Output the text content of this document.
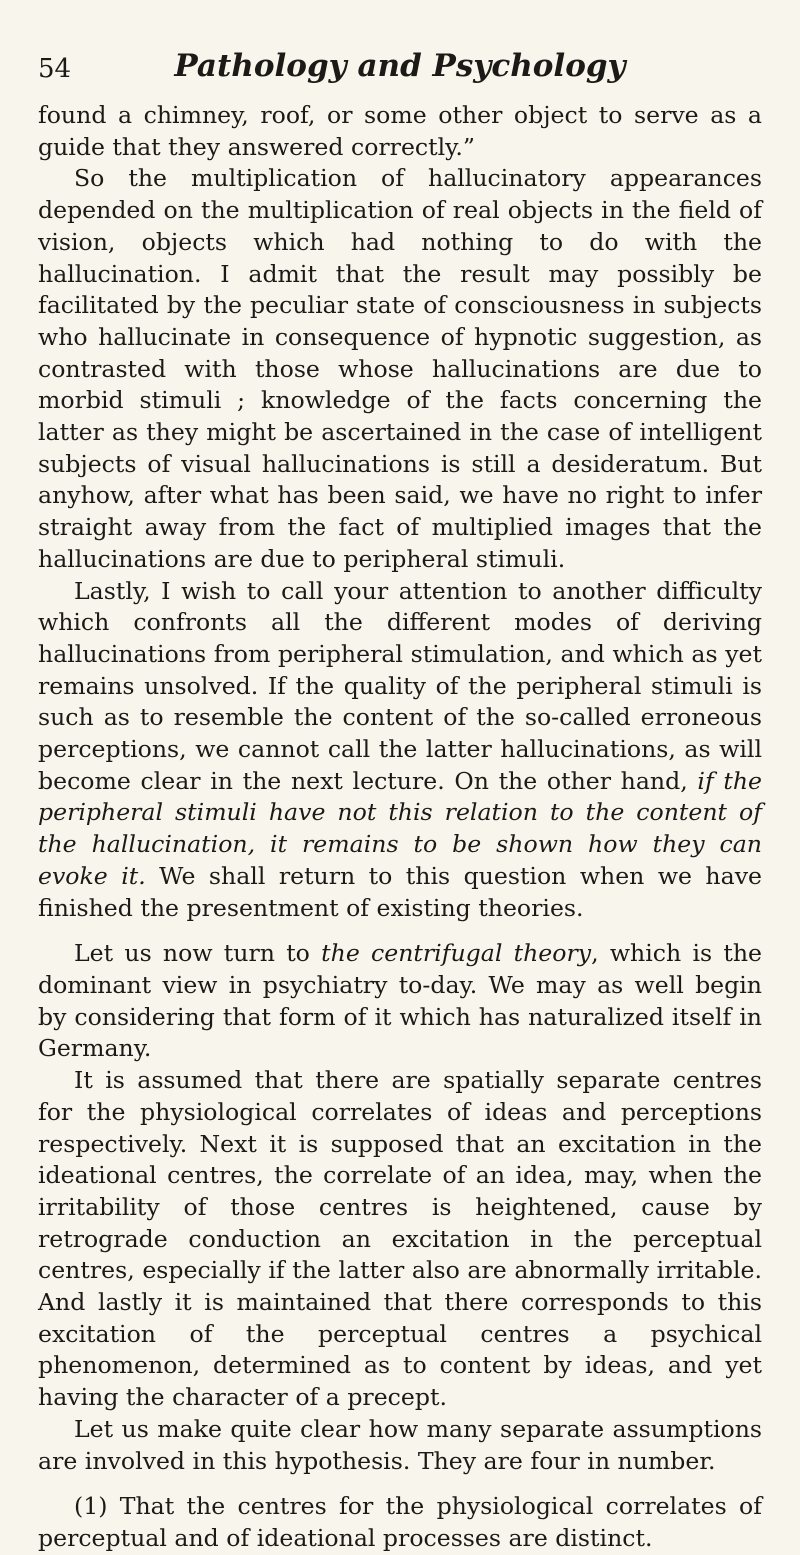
54	Pathology and Psychology

found a chimney, roof, or some other object to serve as a guide that they answered correctly.”

So the multiplication of hallucinatory appearances depended on the multiplication of real objects in the field of vision, objects which had nothing to do with the hallucination. I admit that the result may possibly be facilitated by the peculiar state of consciousness in subjects who hallucinate in consequence of hypnotic suggestion, as contrasted with those whose hallucinations are due to morbid stimuli ; knowledge of the facts concerning the latter as they might be ascertained in the case of intelligent subjects of visual hallucinations is still a desideratum. But anyhow, after what has been said, we have no right to infer straight away from the fact of multiplied images that the hallucinations are due to peripheral stimuli.

Lastly, I wish to call your attention to another difficulty which confronts all the different modes of deriving hallucinations from peripheral stimulation, and which as yet remains unsolved. If the quality of the peripheral stimuli is such as to resemble the content of the so-called erroneous perceptions, we cannot call the latter hallucinations, as will become clear in the next lecture. On the other hand, if the peripheral stimuli have not this relation to the content of the hallucination, it remains to be shown how they can evoke it. We shall return to this question when we have finished the presentment of existing theories.

Let us now turn to the centrifugal theory, which is the dominant view in psychiatry to-day. We may as well begin by considering that form of it which has naturalized itself in Germany.

It is assumed that there are spatially separate centres for the physiological correlates of ideas and perceptions respectively. Next it is supposed that an excitation in the ideational centres, the correlate of an idea, may, when the irritability of those centres is heightened, cause by retrograde conduction an excitation in the perceptual centres, especially if the latter also are abnormally irritable. And lastly it is maintained that there corresponds to this excitation of the perceptual centres a psychical phenomenon, determined as to content by ideas, and yet having the character of a precept.

Let us make quite clear how many separate assumptions are involved in this hypothesis. They are four in number.

(1) That the centres for the physiological correlates of perceptual and of ideational processes are distinct.
